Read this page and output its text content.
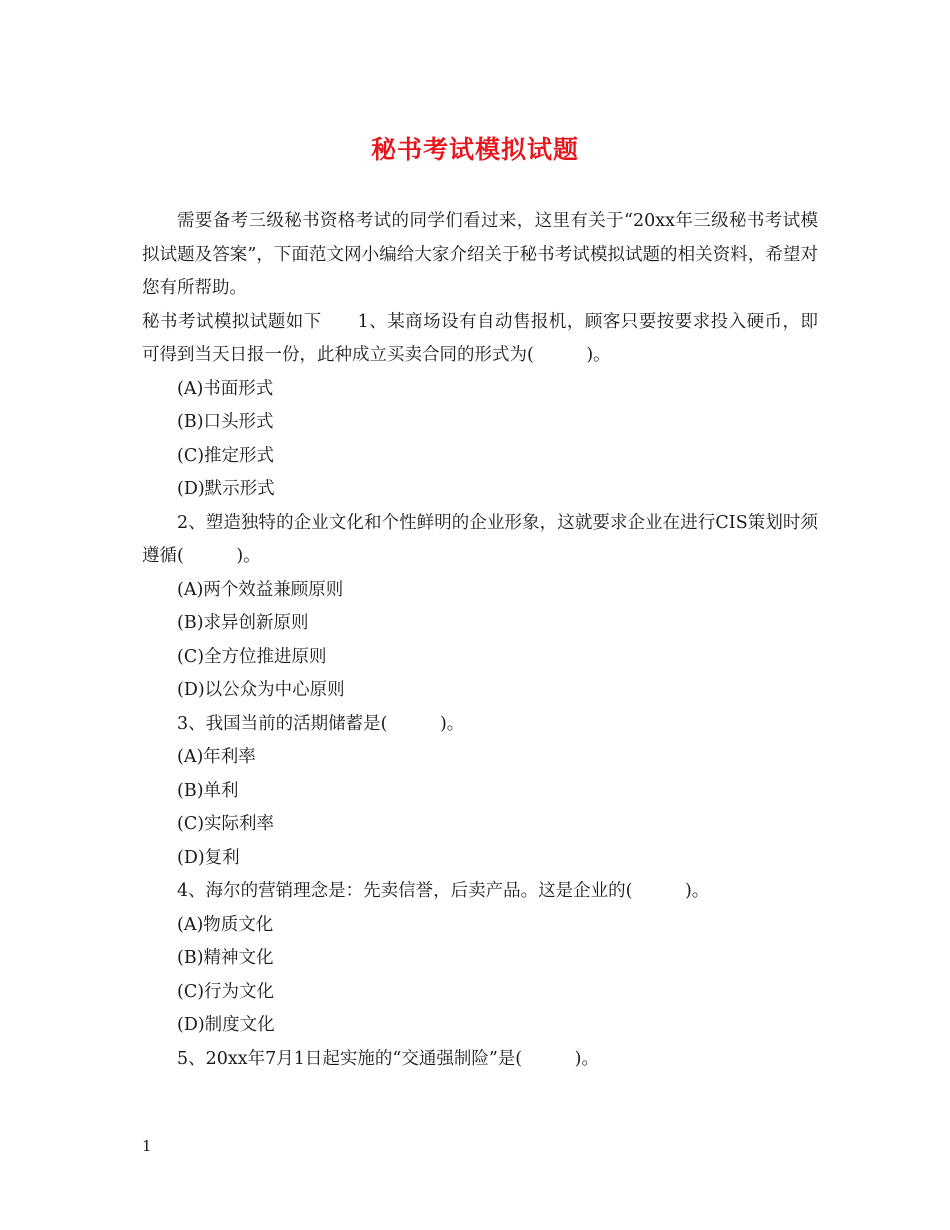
秘书考试模拟试题

需要备考三级秘书资格考试的同学们看过来，这里有关于“20xx年三级秘书考试模拟试题及答案”，下面范文网小编给大家介绍关于秘书考试模拟试题的相关资料，希望对您有所帮助。

秘书考试模拟试题如下　　1、某商场设有自动售报机，顾客只要按要求投入硬币，即可得到当天日报一份，此种成立买卖合同的形式为(　　　)。

(A)书面形式

(B)口头形式

(C)推定形式

(D)默示形式

2、塑造独特的企业文化和个性鲜明的企业形象，这就要求企业在进行CIS策划时须遵循(　　　)。

(A)两个效益兼顾原则

(B)求异创新原则

(C)全方位推进原则

(D)以公众为中心原则

3、我国当前的活期储蓄是(　　　)。

(A)年利率

(B)单利

(C)实际利率

(D)复利

4、海尔的营销理念是：先卖信誉，后卖产品。这是企业的(　　　)。

(A)物质文化

(B)精神文化

(C)行为文化

(D)制度文化

5、20xx年7月1日起实施的“交通强制险”是(　　　)。

1
